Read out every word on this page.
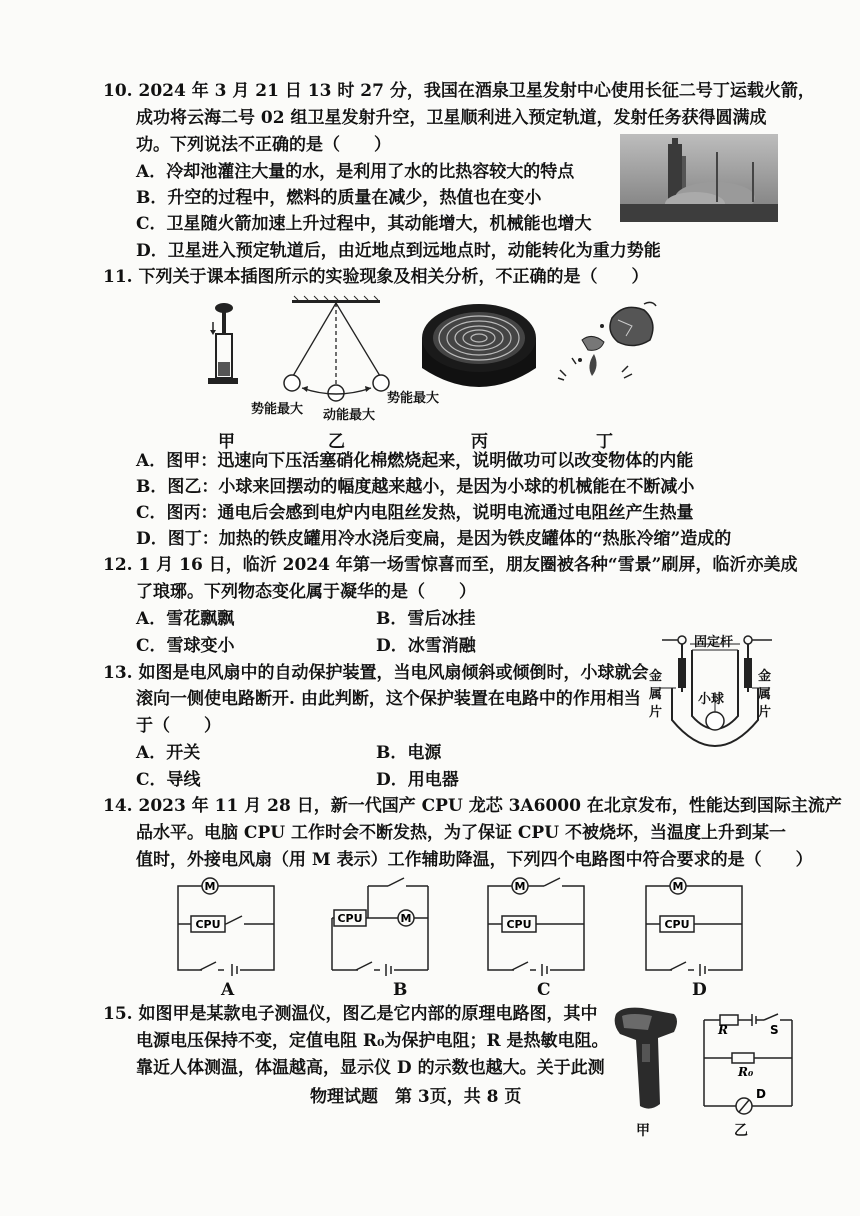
10. 2024 年 3 月 21 日 13 时 27 分，我国在酒泉卫星发射中心使用长征二号丁运载火箭，
成功将云海二号 02 组卫星发射升空，卫星顺利进入预定轨道，发射任务获得圆满成
功。下列说法不正确的是（　　）
A．冷却池灌注大量的水，是利用了水的比热容较大的特点
B．升空的过程中，燃料的质量在减少，热值也在变小
C．卫星随火箭加速上升过程中，其动能增大，机械能也增大
D．卫星进入预定轨道后，由近地点到远地点时，动能转化为重力势能
11. 下列关于课本插图所示的实验现象及相关分析，不正确的是（　　）
甲
势能最大 动能最大
势能最大
乙	丙	丁
A．图甲：迅速向下压活塞硝化棉燃烧起来，说明做功可以改变物体的内能
B．图乙：小球来回摆动的幅度越来越小，是因为小球的机械能在不断减小
C．图丙：通电后会感到电炉内电阻丝发热，说明电流通过电阻丝产生热量
D．图丁：加热的铁皮罐用冷水浇后变扁，是因为铁皮罐体的“热胀冷缩”造成的
12. 1 月 16 日，临沂 2024 年第一场雪惊喜而至，朋友圈被各种“雪景”刷屏，临沂亦美成
了琅琊。下列物态变化属于凝华的是（　　）
A．雪花飘飘	B．雪后冰挂
C．雪球变小	D．冰雪消融
13. 如图是电风扇中的自动保护装置，当电风扇倾斜或倾倒时，小球就会
滚向一侧使电路断开. 由此判断，这个保护装置在电路中的作用相当
于（　　）
A．开关	B．电源
C．导线	D．用电器
固定杆
小球
金
属
片
金
属
片
14. 2023 年 11 月 28 日，新一代国产 CPU 龙芯 3A6000 在北京发布，性能达到国际主流产
品水平。电脑 CPU 工作时会不断发热，为了保证 CPU 不被烧坏，当温度上升到某一
值时，外接电风扇（用 M 表示）工作辅助降温，下列四个电路图中符合要求的是（　　）
M
CPU
A
CPU	M
B
M
CPU
C
M
CPU
D
15. 如图甲是某款电子测温仪，图乙是它内部的原理电路图，其中
电源电压保持不变，定值电阻 R₀为保护电阻；R 是热敏电阻。
靠近人体测温，体温越高，显示仪 D 的示数也越大。关于此测
甲
R	S
R₀
D
乙
物理试题　第 3页，共 8 页
